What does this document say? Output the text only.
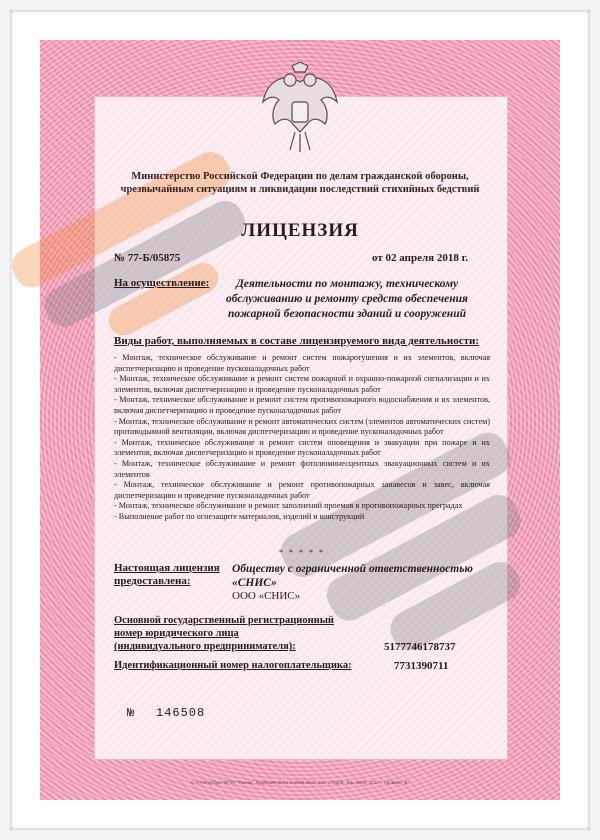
Министерство Российской Федерации по делам гражданской обороны,
чрезвычайным ситуациям и ликвидации последствий стихийных бедствий
ЛИЦЕНЗИЯ
№ 77-Б/05875	от 02 апреля 2018 г.
На осуществление:	Деятельности по монтажу, техническому
обслуживанию и ремонту средств обеспечения
пожарной безопасности зданий и сооружений
Виды работ, выполняемых в составе лицензируемого вида деятельности:

- Монтаж, техническое обслуживание и ремонт систем пожаротушения и их элементов, включая диспетчеризацию и проведение пусконаладочных работ

- Монтаж, техническое обслуживание и ремонт систем пожарной и охранно-пожарной сигнализации и их элементов, включая диспетчеризацию и проведение пусконаладочных работ

- Монтаж, техническое обслуживание и ремонт систем противопожарного водоснабжения и их элементов, включая диспетчеризацию и проведение пусконаладочных работ

- Монтаж, техническое обслуживание и ремонт автоматических систем (элементов автоматических систем) противодымной вентиляции, включая диспетчеризацию и проведение пусконаладочных работ

- Монтаж, техническое обслуживание и ремонт систем оповещения и эвакуации при пожаре и их элементов, включая диспетчеризацию и проведение пусконаладочных работ

- Монтаж, техническое обслуживание и ремонт фотолюминесцентных эвакуационных систем и их элементов

- Монтаж, техническое обслуживание и ремонт противопожарных занавесов и завес, включая диспетчеризацию и проведение пусконаладочных работ

- Монтаж, техническое обслуживание и ремонт заполнений проемов в противопожарных преградах

- Выполнение работ по огнезащите материалов, изделий и конструкций

* * * * *
Настоящая лицензия
предоставлена:
Обществу с ограниченной ответственностью
«СНИС»
ООО «СНИС»
Основной государственный регистрационный
номер юридического лица
(индивидуального предпринимателя):	5177746178737
Идентификационный номер налогоплательщика:	7731390711
№ 146508
© С-Петербург ФГУП "Гознак" Лицензия № 01-4-0009-2011, Зак. 170828, Тир. 5000, 2017 г. Уровень "Б"
